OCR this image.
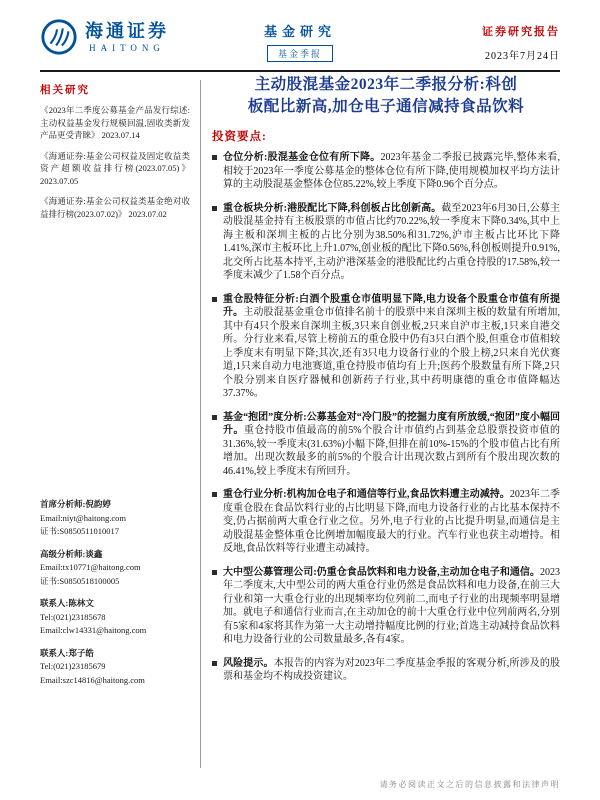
海通证券
HAITONG
基金研究
基金季报
证券研究报告
2023年7月24日
相关研究
《2023年二季度公募基金产品发行综述:主动权益基金发行规模回温,固收类新发产品更受青睐》 2023.07.14
《海通证券:基金公司权益及固定收益类资产超额收益排行榜(2023.07.05)》 2023.07.05
《海通证券:基金公司权益类基金绝对收益排行榜(2023.07.02)》 2023.07.02
首席分析师:倪韵婷
Email:niyt@haitong.com
证书:S0850511010017
高级分析师:谈鑫
Email:tx10771@haitong.com
证书:S0850518100005
联系人:陈林文
Tel:(021)23185678
Email:clw14331@haitong.com
联系人:郑子皓
Tel:(021)23185679
Email:szc14816@haitong.com
主动股混基金2023年二季报分析:科创
板配比新高,加仓电子通信减持食品饮料
投资要点:

仓位分析:股混基金仓位有所下降。2023年基金二季报已披露完毕,整体来看,相较于2023年一季度公募基金的整体仓位有所下降,使用规模加权平均方法计算的主动股混基金整体仓位85.22%,较上季度下降0.96个百分点。

重仓板块分析:港股配比下降,科创板占比创新高。截至2023年6月30日,公募主动股混基金持有主板股票的市值占比约70.22%,较一季度末下降0.34%,其中上海主板和深圳主板的占比分别为38.50%和31.72%,沪市主板占比环比下降1.41%,深市主板环比上升1.07%,创业板的配比下降0.56%,科创板则提升0.91%,北交所占比基本持平,主动沪港深基金的港股配比约占重仓持股的17.58%,较一季度末减少了1.58个百分点。

重仓股特征分析:白酒个股重仓市值明显下降,电力设备个股重仓市值有所提升。主动股混基金重仓市值排名前十的股票中来自深圳主板的数量有所增加,其中有4只个股来自深圳主板,3只来自创业板,2只来自沪市主板,1只来自港交所。分行业来看,尽管上榜前五的重仓股中仍有3只白酒个股,但重仓市值相较上季度末有明显下降;其次,还有3只电力设备行业的个股上榜,2只来自光伏赛道,1只来自动力电池赛道,重仓持股市值均有上升;医药个股数量有所下降,2只个股分别来自医疗器械和创新药子行业,其中药明康德的重仓市值降幅达37.37%。

基金“抱团”度分析:公募基金对“冷门股”的挖掘力度有所放缓,“抱团”度小幅回升。重仓持股市值最高的前5%个股合计市值约占到基金总股票投资市值的31.36%,较一季度末(31.63%)小幅下降,但排在前10%-15%的个股市值占比有所增加。出现次数最多的前5%的个股合计出现次数占到所有个股出现次数的46.41%,较上季度末有所回升。

重仓行业分析:机构加仓电子和通信等行业,食品饮料遭主动减持。2023年二季度重仓股在食品饮料行业的占比明显下降,而电力设备行业的占比基本保持不变,仍占据前两大重仓行业之位。另外,电子行业的占比提升明显,而通信是主动股混基金整体重仓比例增加幅度最大的行业。汽车行业也获主动增持。相反地,食品饮料等行业遭主动减持。

大中型公募管理公司:仍重仓食品饮料和电力设备,主动加仓电子和通信。2023年二季度末,大中型公司的两大重仓行业仍然是食品饮料和电力设备,在前三大行业和第一大重仓行业的出现频率均位列前二,而电子行业的出现频率明显增加。就电子和通信行业而言,在主动加仓的前十大重仓行业中位列前两名,分别有5家和4家将其作为第一大主动增持幅度比例的行业;首选主动减持食品饮料和电力设备行业的公司数量最多,各有4家。

风险提示。本报告的内容为对2023年二季度基金季报的客观分析,所涉及的股票和基金均不构成投资建议。

请务必阅读正文之后的信息披露和法律声明
